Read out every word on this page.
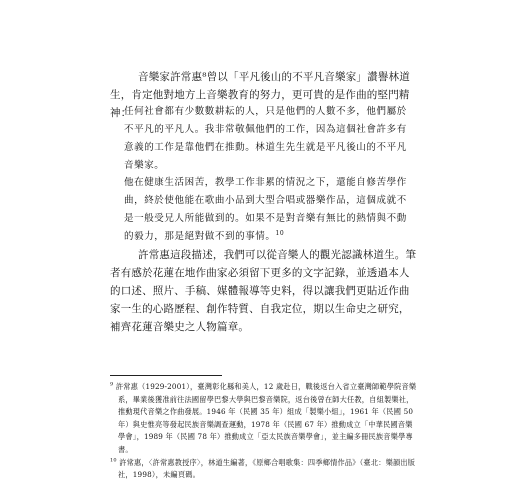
音樂家許常惠⁸曾以「平凡後山的不平凡音樂家」讚譽林道生，肯定他對地方上音樂教育的努力，更可貴的是作曲的堅門精神：

任何社會都有少數數耕耘的人，只是他們的人數不多，他們屬於不平凡的平凡人。我非常敬佩他們的工作，因為這個社會許多有意義的工作是靠他們在推動。林道生先生就是平凡後山的不平凡音樂家。

他在健康生活困苦，教學工作非累的情況之下，還能自修苦學作曲，終於使他能在歌曲小品到大型合唱或器樂作品，這個成就不是一般受兄人所能做到的。如果不是對音樂有無比的熱情與不動的毅力，那是絕對做不到的事情。$^{10}$

許常惠這段描述，我們可以從音樂人的觀光認識林道生。筆者有感於花蓮在地作曲家必須留下更多的文字記錄，並透過本人的口述、照片、手稿、媒體報導等史料，得以讓我們更貼近作曲家一生的心路歷程、創作特質、自我定位，期以生命史之研究，補齊花蓮音樂史之人物篇章。

$^9$ 許常惠（1929-2001），臺灣彰化縣和美人，12 歲赴日，戰後返台入省立臺灣師範學院音樂系，畢業後獲准前往法國留學巴黎大學與巴黎音樂院，返台後曾在師大任教，自組製樂社，推動現代音樂之作曲發展。1946 年（民國 35 年）組成「製樂小組」，1961 年（民國 50 年）與史惟亮等發起民族音樂調查運動，1978 年（民國 67 年）推動成立「中華民國音樂學會」，1989 年（民國 78 年）推動成立「亞太民族音樂學會」，並主編多冊民族音樂學專書。

$^{10}$ 許常惠，〈許常惠教授序〉，林道生編著，《原鄉合唱歌集：四季鄉情作品》（臺北：樂韻出版社，1998），未編頁碼。
